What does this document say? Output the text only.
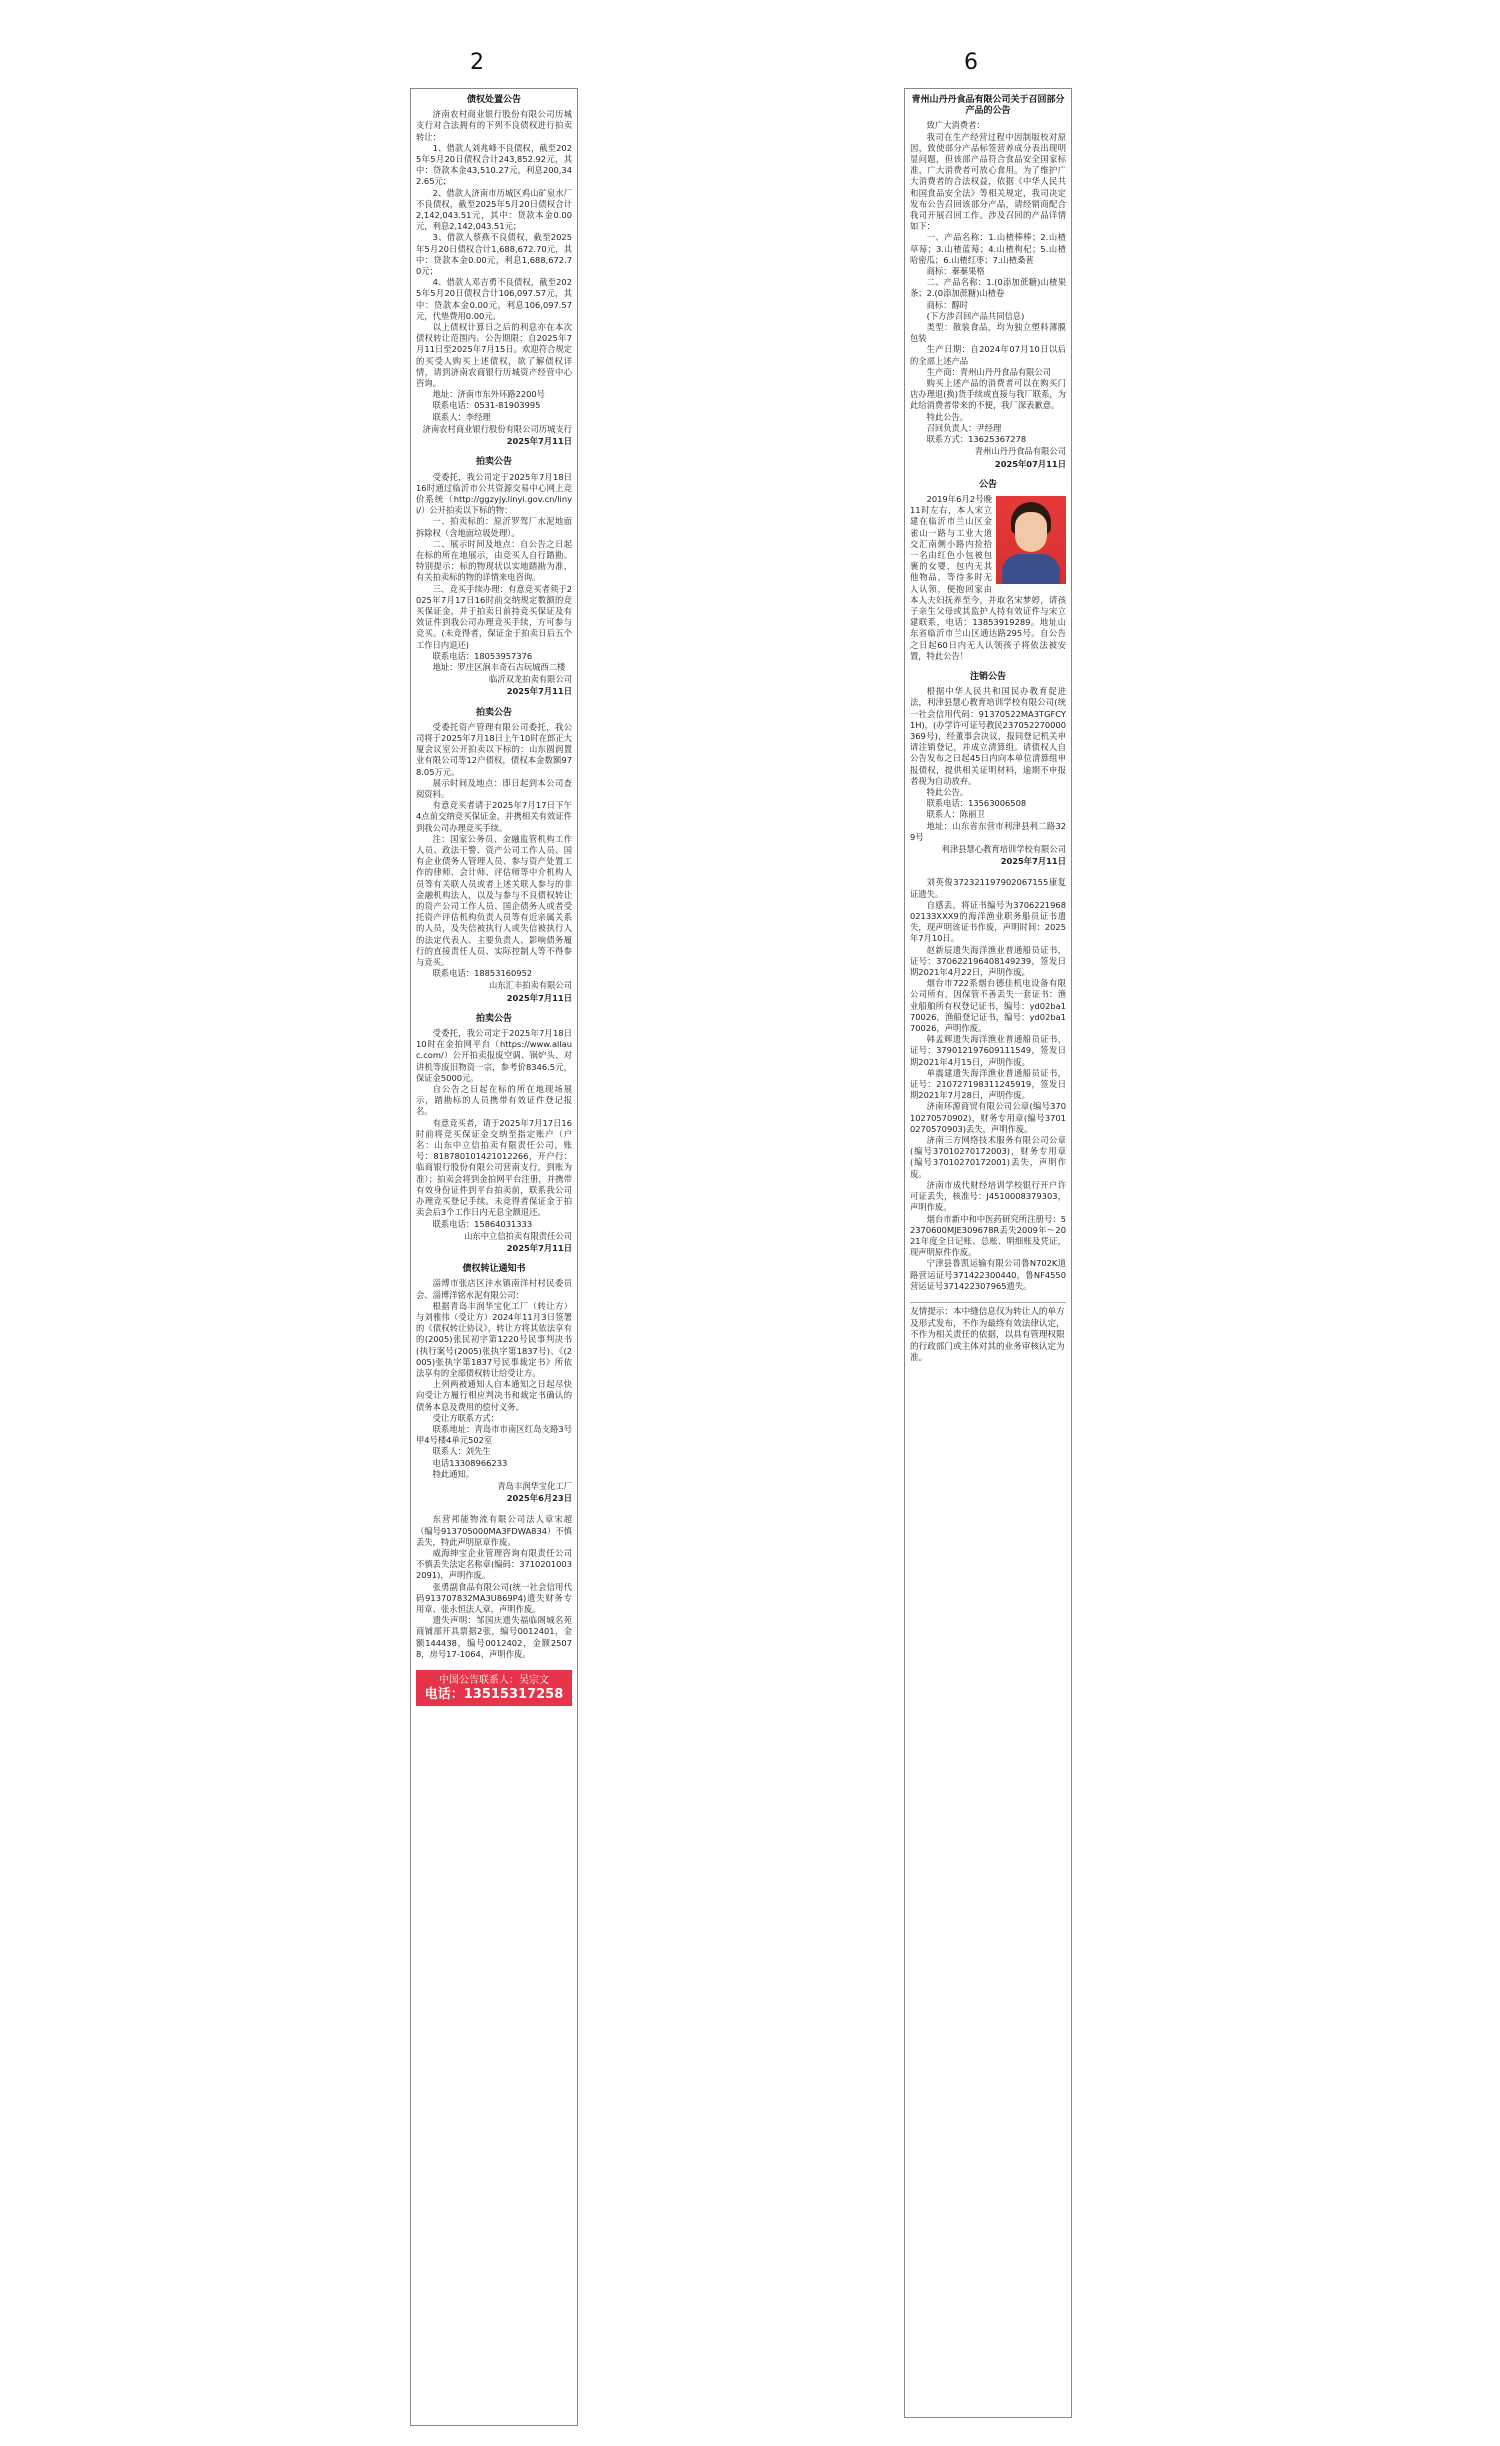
2	6
债权处置公告

济南农村商业银行股份有限公司历城支行对合法拥有的下列不良债权进行拍卖转让：

1、借款人刘兆峰不良债权，截至2025年5月20日债权合计243,852.92元，其中：贷款本金43,510.27元，利息200,342.65元；

2、借款人济南市历城区鸡山矿泉水厂不良债权，截至2025年5月20日债权合计2,142,043.51元，其中：贷款本金0.00元，利息2,142,043.51元；

3、借款人蔡燕不良债权，截至2025年5月20日债权合计1,688,672.70元，其中：贷款本金0.00元，利息1,688,672.70元；

4、借款人邓吉勇不良债权，截至2025年5月20日债权合计106,097.57元，其中：贷款本金0.00元，利息106,097.57元，代垫费用0.00元。

以上债权计算日之后的利息亦在本次债权转让范围内。公告期限：自2025年7月11日至2025年7月15日。欢迎符合规定的买受人购买上述债权，欲了解债权详情，请到济南农商银行历城资产经营中心咨询。

地址：济南市东外环路2200号

联系电话：0531-81903995

联系人：李经理

济南农村商业银行股份有限公司历城支行

2025年7月11日

拍卖公告

受委托，我公司定于2025年7月18日16时通过临沂市公共资源交易中心网上竞价系统（http://ggzyjy.linyi.gov.cn/linyi/）公开拍卖以下标的物：

一、拍卖标的：原沂罗驾厂水泥地面拆除权（含地面垃圾处理）。

二、展示时间及地点：自公告之日起在标的所在地展示，由竞买人自行踏勘。特别提示：标的物现状以实地踏勘为准，有关拍卖标的物的详情来电咨询。

三、竞买手续办理：有意竞买者须于2025年7月17日16时前交纳规定数额的竞买保证金，并于拍卖日前持竞买保证及有效证件到我公司办理竞买手续，方可参与竞买。(未竞得者，保证金于拍卖日后五个工作日内退还)

联系电话：18053957376

地址：罗庄区涧丰奇石古玩城西二楼

临沂双龙拍卖有限公司

2025年7月11日

拍卖公告

受委托资产管理有限公司委托，我公司将于2025年7月18日上午10时在郎正大厦会议室公开拍卖以下标的：山东圆润置业有限公司等12户债权，债权本金数额978.05万元。

展示时间及地点：即日起到本公司查阅资料。

有意竞买者请于2025年7月17日下午4点前交纳竞买保证金，并携相关有效证件到我公司办理竞买手续。

注：国家公务员、金融监管机构工作人员、政法干警、资产公司工作人员、国有企业债务人管理人员、参与资产处置工作的律师、会计师、评估师等中介机构人员等有关联人员或者上述关联人参与的非金融机构法人，以及与参与不良债权转让的资产公司工作人员、国企债务人或者受托资产评估机构负责人员等有近亲属关系的人员，及失信被执行人或失信被执行人的法定代表人、主要负责人、影响债务履行的直接责任人员、实际控制人等不得参与竞买。

联系电话：18853160952

山东汇丰拍卖有限公司

2025年7月11日

拍卖公告

受委托，我公司定于2025年7月18日10时在金拍网平台（https://www.allauc.com/）公开拍卖报废空调、锅炉头、对讲机等废旧物资一宗，参考价8346.5元，保证金5000元。

自公告之日起在标的所在地现场展示，踏勘标的人员携带有效证件登记报名。

有意竞买者，请于2025年7月17日16时前将竞买保证金交纳至指定账户（户名：山东中立信拍卖有限责任公司，账号：818780101421012266，开户行：临商银行股份有限公司营南支行，到账为准）；拍卖会将到金拍网平台注册，并携带有效身份证件到平台拍卖前，联系我公司办理竞买登记手续。未竞得者保证金于拍卖会后3个工作日内无息全额退还。

联系电话：15864031333

山东中立信拍卖有限责任公司

2025年7月11日

债权转让通知书

淄博市张店区沣水镇南洋村村民委员会、淄博洋铭水泥有限公司：

根据青岛丰润华宝化工厂（转让方）与刘雅伟（受让方）2024年11月3日签署的《债权转让协议》，转让方将其依法享有的(2005)张民初字第1220号民事判决书(执行案号(2005)张执字第1837号)、《(2005)张执字第1837号民事裁定书》所依法享有的全部债权转让给受让方。

上列两被通知人自本通知之日起尽快向受让方履行相应判决书和裁定书确认的债务本息及费用的偿付义务。

受让方联系方式：

联系地址：青岛市市南区红岛支路3号甲4号楼4单元502室

联系人：刘先生

电话13308966233

特此通知。

青岛丰润华宝化工厂

2025年6月23日

东营邦能物流有限公司法人章宋超（编号913705000MA3FDWA834）不慎丢失，特此声明原章作废。

威海绅宝企业管理咨询有限责任公司不慎丢失法定名称章(编码：37102010032091)，声明作废。

张勇副食品有限公司(统一社会信用代码913707832MA3U869P4)遗失财务专用章、张永恒法人章，声明作废。

遗失声明：邹国庆遗失福临阁城名苑商铺部开具票据2张，编号0012401，金额144438，编号0012402，金额25078，房号17-1064，声明作废。

中国公告联系人：吴宗文
电话：13515317258
青州山丹丹食品有限公司关于召回部分产品的公告

致广大消费者：

我司在生产经营过程中因制版校对原因，致使部分产品标签营养成分表出现明显问题，但该部产品符合食品安全国家标准，广大消费者可放心食用。为了维护广大消费者的合法权益，依据《中华人民共和国食品安全法》等相关规定，我司决定发布公告召回该部分产品，请经销商配合我司开展召回工作。涉及召回的产品详情如下：

一、产品名称：1.山楂棒棒；2.山楂草莓；3.山楂蓝莓；4.山楂枸杞；5.山楂哈密瓜；6.山楂红枣；7.山楂桑葚

商标：蓁蓁果格

二、产品名称：1.(0添加蔗糖)山楂果条；2.(0添加蔗糖)山楂卷

商标：醇时

(下方涉召回产品共同信息)

类型：散装食品，均为独立塑料薄膜包装

生产日期：自2024年07月10日以后的全部上述产品

生产商：青州山丹丹食品有限公司

购买上述产品的消费者可以在购买门店办理退(换)货手续或直接与我厂联系，为此给消费者带来的不便，我厂深表歉意。

特此公告。

召回负责人：尹经理

联系方式：13625367278

青州山丹丹食品有限公司

2025年07月11日

公告

2019年6月2号晚11时左右，本人宋立建在临沂市兰山区金雀山一路与工业大道交汇南侧小路内捡拾一名由红色小包被包裹的女婴，包内无其他物品，等待多时无人认领，便抱回家由本人夫妇抚养至今，并取名宋梦婷，请孩子亲生父母或其监护人持有效证件与宋立建联系，电话：13853919289。地址山东省临沂市兰山区通达路295号。自公告之日起60日内无人认领孩子将依法被安置，特此公告！

注销公告

根据中华人民共和国民办教育促进法，利津县慧心教育培训学校有限公司(统一社会信用代码：91370522MA3TGFCY1H)，(办学许可证号教民237052270000369号)，经董事会决议，报同登记机关申请注销登记，并成立清算组。请债权人自公告发布之日起45日内向本单位清算组申报债权，提供相关证明材料，逾期不申报者视为自动放弃。

特此公告。

联系电话：13563006508

联系人：陈丽卫

地址：山东省东营市利津县利二路329号

利津县慧心教育培训学校有限公司

2025年7月11日

刘英俊372321197902067155康复证遗失。

自感丢，将证书编号为370622196802133XXX9的海洋渔业职务船员证书遗失，现声明该证书作废，声明时间：2025年7月10日。

赵新辰遗失海洋渔业普通船员证书，证号：370622196408149239，签发日期2021年4月22日，声明作废。

烟台市722系烟台德佳机电设备有限公司所有，因保管不善丢失一套证书：渔业船舶所有权登记证书，编号：yd02ba170026，渔船登记证书，编号：yd02ba170026，声明作废。

韩孟辉遗失海洋渔业普通船员证书，证号：379012197609111549，签发日期2021年4月15日，声明作废。

单震建遗失海洋渔业普通船员证书，证号：210727198311245919，签发日期2021年7月28日，声明作废。

济南环源商贸有限公司公章(编号37010270570902)，财务专用章(编号37010270570903)丢失，声明作废。

济南三方网络技术服务有限公司公章(编号37010270172003)，财务专用章(编号37010270172001)丢失，声明作废。

济南市成代财经培训学校银行开户许可证丢失，核准号：J4510008379303，声明作废。

烟台市新中和中医药研究所注册号：52370600MJE309678R丢失2009年～2021年度全日记账、总账、明细账及凭证，现声明原件作废。

宁津县鲁凯运输有限公司鲁N702K道路营运证号371422300440，鲁NF4550营运证号371422307965遗失。

友情提示：本中缝信息仅为转让人的单方及形式发布，不作为最终有效法律认定，不作为相关责任的依据，以具有管理权限的行政部门或主体对其的业务审核认定为准。
